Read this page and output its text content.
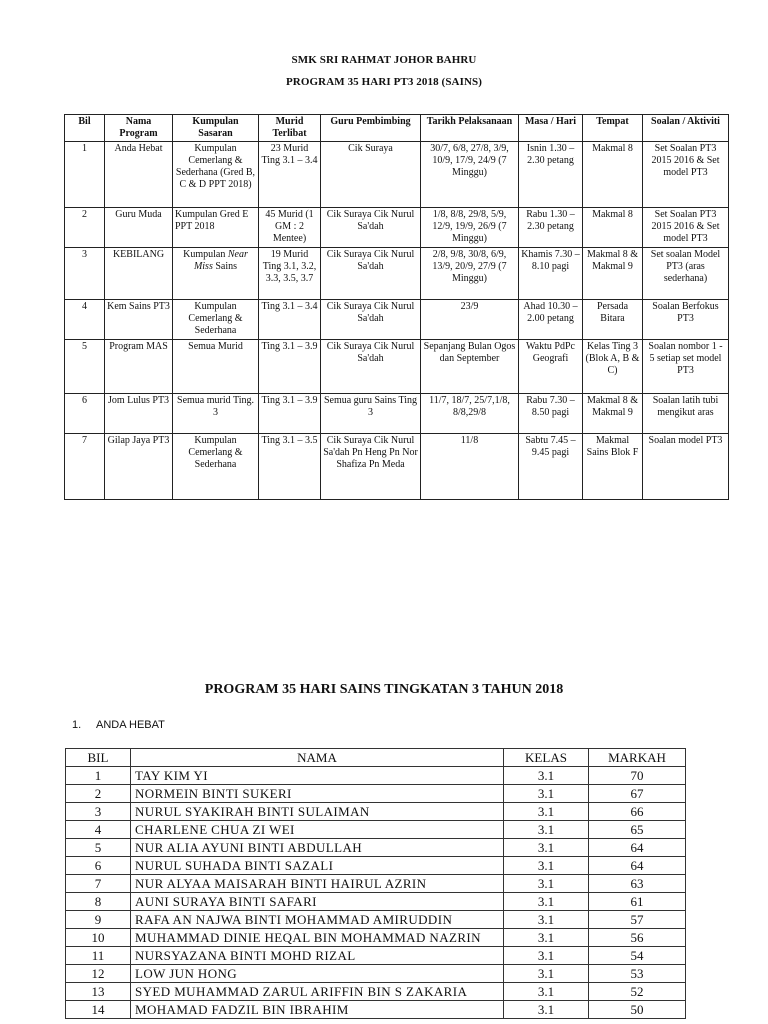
SMK SRI RAHMAT JOHOR BAHRU
PROGRAM 35 HARI PT3 2018 (SAINS)
Bil	Nama Program	Kumpulan Sasaran	Murid Terlibat	Guru Pembimbing	Tarikh Pelaksanaan	Masa / Hari	Tempat	Soalan / Aktiviti
1	Anda Hebat	Kumpulan Cemerlang & Sederhana (Gred B, C & D PPT 2018)	23 Murid Ting 3.1 – 3.4	Cik Suraya	30/7, 6/8, 27/8, 3/9, 10/9, 17/9, 24/9 (7 Minggu)	Isnin 1.30 – 2.30 petang	Makmal 8	Set Soalan PT3 2015 2016 & Set model PT3
2	Guru Muda	Kumpulan Gred E PPT 2018	45 Murid (1 GM : 2 Mentee)	Cik Suraya Cik Nurul Sa'dah	1/8, 8/8, 29/8, 5/9, 12/9, 19/9, 26/9 (7 Minggu)	Rabu 1.30 – 2.30 petang	Makmal 8	Set Soalan PT3 2015 2016 & Set model PT3
3	KEBILANG	Kumpulan Near Miss Sains	19 Murid Ting 3.1, 3.2, 3.3, 3.5, 3.7	Cik Suraya Cik Nurul Sa'dah	2/8, 9/8, 30/8, 6/9, 13/9, 20/9, 27/9 (7 Minggu)	Khamis 7.30 – 8.10 pagi	Makmal 8 & Makmal 9	Set soalan Model PT3 (aras sederhana)
4	Kem Sains PT3	Kumpulan Cemerlang & Sederhana	Ting 3.1 – 3.4	Cik Suraya Cik Nurul Sa'dah	23/9	Ahad 10.30 – 2.00 petang	Persada Bitara	Soalan Berfokus PT3
5	Program MAS	Semua Murid	Ting 3.1 – 3.9	Cik Suraya Cik Nurul Sa'dah	Sepanjang Bulan Ogos dan September	Waktu PdPc Geografi	Kelas Ting 3 (Blok A, B & C)	Soalan nombor 1 - 5 setiap set model PT3
6	Jom Lulus PT3	Semua murid Ting. 3	Ting 3.1 – 3.9	Semua guru Sains Ting 3	11/7, 18/7, 25/7,1/8, 8/8,29/8	Rabu 7.30 – 8.50 pagi	Makmal 8 & Makmal 9	Soalan latih tubi mengikut aras
7	Gilap Jaya PT3	Kumpulan Cemerlang & Sederhana	Ting 3.1 – 3.5	Cik Suraya Cik Nurul Sa'dah Pn Heng Pn Nor Shafiza Pn Meda	11/8	Sabtu 7.45 – 9.45 pagi	Makmal Sains Blok F	Soalan model PT3
PROGRAM 35 HARI SAINS TINGKATAN 3 TAHUN 2018
1. ANDA HEBAT
BIL	NAMA	KELAS	MARKAH
1	TAY KIM YI	3.1	70
2	NORMEIN BINTI SUKERI	3.1	67
3	NURUL SYAKIRAH BINTI SULAIMAN	3.1	66
4	CHARLENE CHUA ZI WEI	3.1	65
5	NUR ALIA AYUNI BINTI ABDULLAH	3.1	64
6	NURUL SUHADA BINTI SAZALI	3.1	64
7	NUR ALYAA MAISARAH BINTI HAIRUL AZRIN	3.1	63
8	AUNI SURAYA BINTI SAFARI	3.1	61
9	RAFA AN NAJWA BINTI MOHAMMAD AMIRUDDIN	3.1	57
10	MUHAMMAD DINIE HEQAL BIN MOHAMMAD NAZRIN	3.1	56
11	NURSYAZANA BINTI MOHD RIZAL	3.1	54
12	LOW JUN HONG	3.1	53
13	SYED MUHAMMAD ZARUL ARIFFIN BIN S ZAKARIA	3.1	52
14	MOHAMAD FADZIL BIN IBRAHIM	3.1	50
